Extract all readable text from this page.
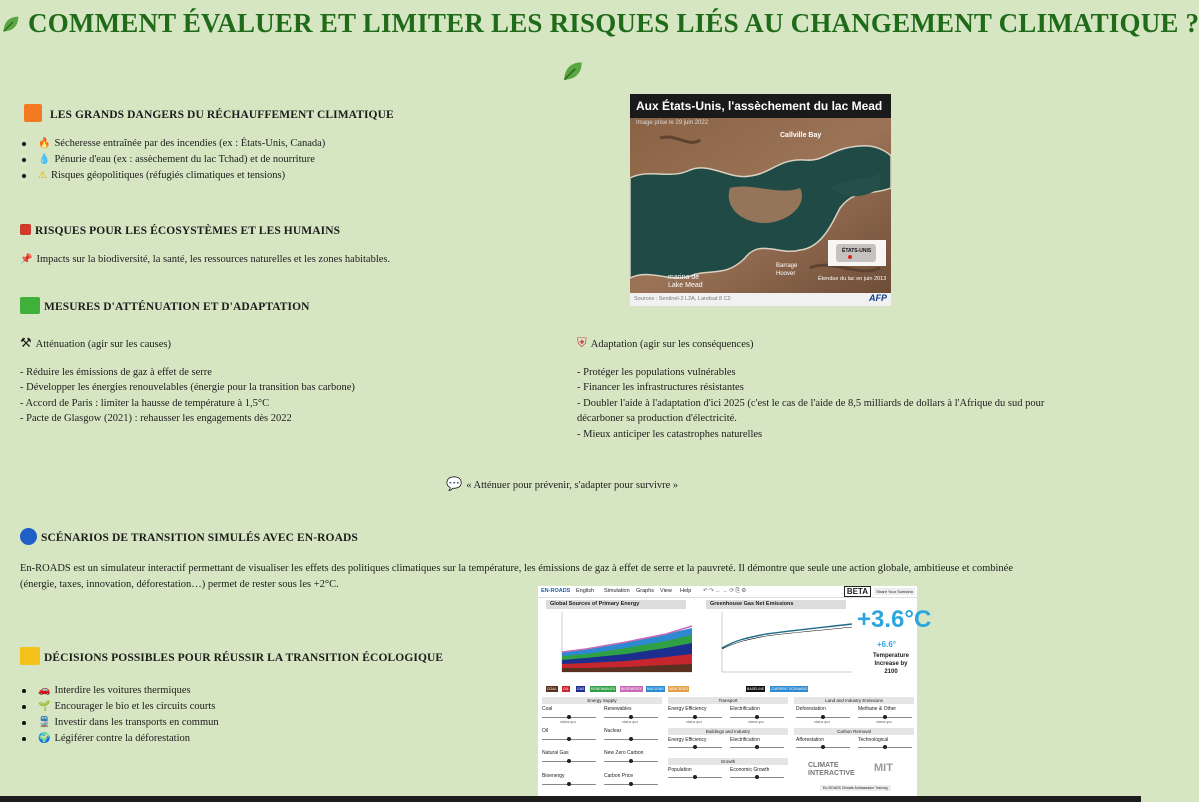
COMMENT ÉVALUER ET LIMITER LES RISQUES LIÉS AU CHANGEMENT CLIMATIQUE ?
LES GRANDS DANGERS DU RÉCHAUFFEMENT CLIMATIQUE
🔥 Sécheresse entraînée par des incendies (ex : États-Unis, Canada)
💧 Pénurie d'eau (ex : assèchement du lac Tchad) et de nourriture
⚠ Risques géopolitiques (réfugiés climatiques et tensions)
RISQUES POUR LES ÉCOSYSTÈMES ET LES HUMAINS
📌 Impacts sur la biodiversité, la santé, les ressources naturelles et les zones habitables.
MESURES D'ATTÉNUATION ET D'ADAPTATION

⚒ Atténuation (agir sur les causes)

- Réduire les émissions de gaz à effet de serre

- Développer les énergies renouvelables (énergie pour la transition bas carbone)

- Accord de Paris : limiter la hausse de température à 1,5°C

- Pacte de Glasgow (2021) : rehausser les engagements dès 2022

⛨ Adaptation (agir sur les conséquences)

- Protéger les populations vulnérables

- Financer les infrastructures résistantes

- Doubler l'aide à l'adaptation d'ici 2025 (c'est le cas de l'aide de 8,5 milliards de dollars à l'Afrique du sud pour

décarboner sa production d'électricité.

- Mieux anticiper les catastrophes naturelles

💬 « Atténuer pour prévenir, s'adapter pour survivre »
Aux États-Unis, l'assèchement du lac Mead
Image prise le 29 juin 2022
Callville Bay
marina de Lake Mead
Barrage Hoover
ÉTATS-UNIS
Étendue du lac en juin 2013
Sources : Sentinel-2 L2A, Landsat 8 C2	AFP
SCÉNARIOS DE TRANSITION SIMULÉS AVEC EN-ROADS
En-ROADS est un simulateur interactif permettant de visualiser les effets des politiques climatiques sur la température, les émissions de gaz à effet de serre et la pauvreté. Il démontre que seule une action globale, ambitieuse et combinée
(énergie, taxes, innovation, déforestation…) permet de rester sous les +2°C.
DÉCISIONS POSSIBLES POUR RÉUSSIR LA TRANSITION ÉCOLOGIQUE
🚗 Interdire les voitures thermiques
🌱 Encourager le bio et les circuits courts
🚆 Investir dans les transports en commun
🌍 Légiférer contre la déforestation
EN-ROADS English Simulation Graphs View Help ↶ ↷ ← → ⟳ ⎘ ⚙	BETA	Share Your Scenario
Global Sources of Primary Energy	Greenhouse Gas Net Emissions
+3.6°C
+6.6°
Temperature Increase by 2100
COAL OIL GAS RENEWABLES BIOENERGY NUCLEAR NEW ZERO	BASELINE CURRENT SCENARIO
Energy Supply	Transport	Land and Industry Emissions
Buildings and Industry	Carbon Removal
Growth
Coal	Renewables	Energy Efficiency	Electrification	Deforestation	Methane & Other
Oil	Nuclear
Energy Efficiency	Electrification	Afforestation	Technological
Natural Gas	New Zero Carbon
Population	Economic Growth
Bioenergy	Carbon Price
status quo	status quo	status quo	status quo	status quo	status quo
CLIMATE INTERACTIVE	MIT
En-ROADS Climate Ambassador Training
